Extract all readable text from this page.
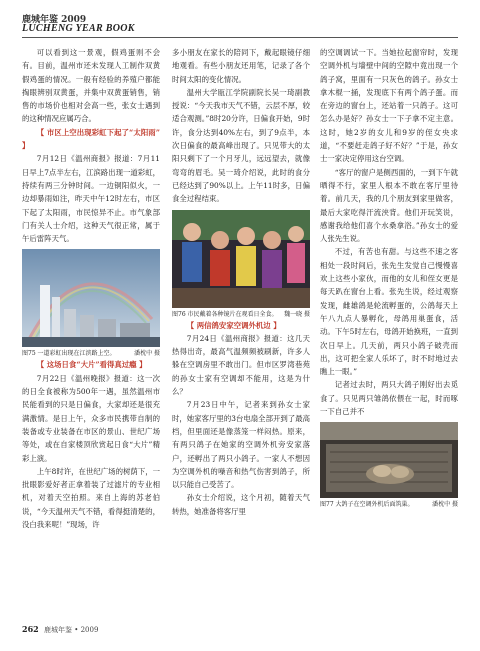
鹿城年鉴 2009
LUCHENG YEAR BOOK

可以看到这一景观，假鸡蛋则不会有。目前，温州市还未发现人工制作双黄假鸡蛋的情况。一般有经验的养殖户都能掏眼辨别双黄蛋，并集中双黄蛋销售，销售的市场价也相对会高一些，张女士遇到的这种情况应属巧合。

【 市区上空出现彩虹下起了“太阳雨” 】

7月12日《温州商报》报道：7月11日早上7点半左右，江滨路出现一道彩虹，持续有两三分钟时间。一边铜阳似火，一边却暴雨如注，昨天中午12时左右，市区下起了太阳雨，市民惊异不止。市气象部门有关人士介绍，这种天气很正常，属于午后雷阵天气。

图75 一道彩虹出现在江滨路上空。	潘枕中 摄

【 这场日食“大片”看得真过瘾 】

7月22日《温州晚报》报道：这一次的日全食被称为500年一遇，虽然温州市民能看到的只是日偏食，大家却还是很充满激情。是日上午，众多市民携带自制的装备或专业装备在市区的景山、世纪广场等处，或在自家楼顶欣赏起日食“大片”精彩上演。

上午8时许，在世纪广场的树荫下，一批眼影爱好者正拿着装了过滤片的专业相机，对着天空拍照。来自上海的苏老伯说，“今天温州天气不错，看得挺清楚的，没白我来呢！”现场，许

多小朋友在家长的陪同下，戴起眼镜仔细地观看。有些小朋友还用笔，记录了各个时间太阳的变化情况。

温州大学瓯江学院副院长吴一琦副教授说：“今天我市天气不错，云层不厚，较适合观测。”8时20分许，日偏食开始，9时许，食分达到40%左右，到了9点半，本次日偏食的最高峰出现了。只见带大的太阳只剩下了一个月牙儿，远远望去，就像弯弯的眉毛。吴一琦介绍说，此时的食分已经达到了90%以上。上午11时多，日偏食全过程结束。

图76 市民戴着各种镜片在观看日全食。 魏一晓 摄

【 两信鸽安家空调外机边 】

7月24日《温州商报》报道：这几天热得出奇，最高气温频频被刷新，许多人躲在空调房里不敢出门。但市区罗湾巷苑的孙女士家有空调却不能用，这是为什么？

7月23日中午，记者来到孙女士家时，她家客厅里的3台电扇全部开到了最高档，但里面还是像蒸笼一样闷热。原来，有两只鸽子在她家的空调外机旁安家落户，还孵出了两只小鸽子。一家人不想因为空调外机的噪音和热气伤害到鸽子，所以只能自己受苦了。

孙女士介绍说，这个月初，随着天气转热，她准备将客厅里

的空调调试一下。当她拉起窗帘时，发现空调外机与墙壁中间的空隙中竟出现一个鸽子窝，里面有一只灰色的鸽子。孙女士拿木棍一捅，发现底下有两个鸽子蛋。而在旁边的窗台上，还站着一只鸽子。这可怎么办是好？孙女士一下子拿不定主意。这时，她2岁的女儿和9岁的侄女央求道，“不要赶走鸽子好不好？”于是，孙女士一家决定停用这台空调。

“客厅的窗户是侧西面的，一到下午就晒得不行，家里人根本不敢在客厅里待着。前几天，我的几个朋友到家里做客，最后大家吃得汗流浃背。他们开玩笑说，感谢我给他们喜个水桑拿浴。”孙女士的爱人张先生说。

不过，有苦也有甜。与这些不速之客相处一段时间后，张先生发觉自己慢慢喜欢上这些小家伙，而他的女儿和侄女更是每天趴在窗台上看。张先生说，经过观察发现，雌雄鸽是轮流孵蛋的，公鸽每天上午八九点人暴孵化，母鸽用巢蛋食，活动。下午5时左右，母鸽开始换班，一直到次日早上。几天前，两只小鸽子破壳而出，这可把全家人乐坏了，时不时地过去瞧上一眼。”

记者过去时，两只大鸽子刚好出去觅食了。只见两只雏鸽依偎在一起，时而啄一下自己并不

图77 大鸽子在空调外机后面筑巢。	潘枕中 摄

262 鹿城年鉴 • 2009
